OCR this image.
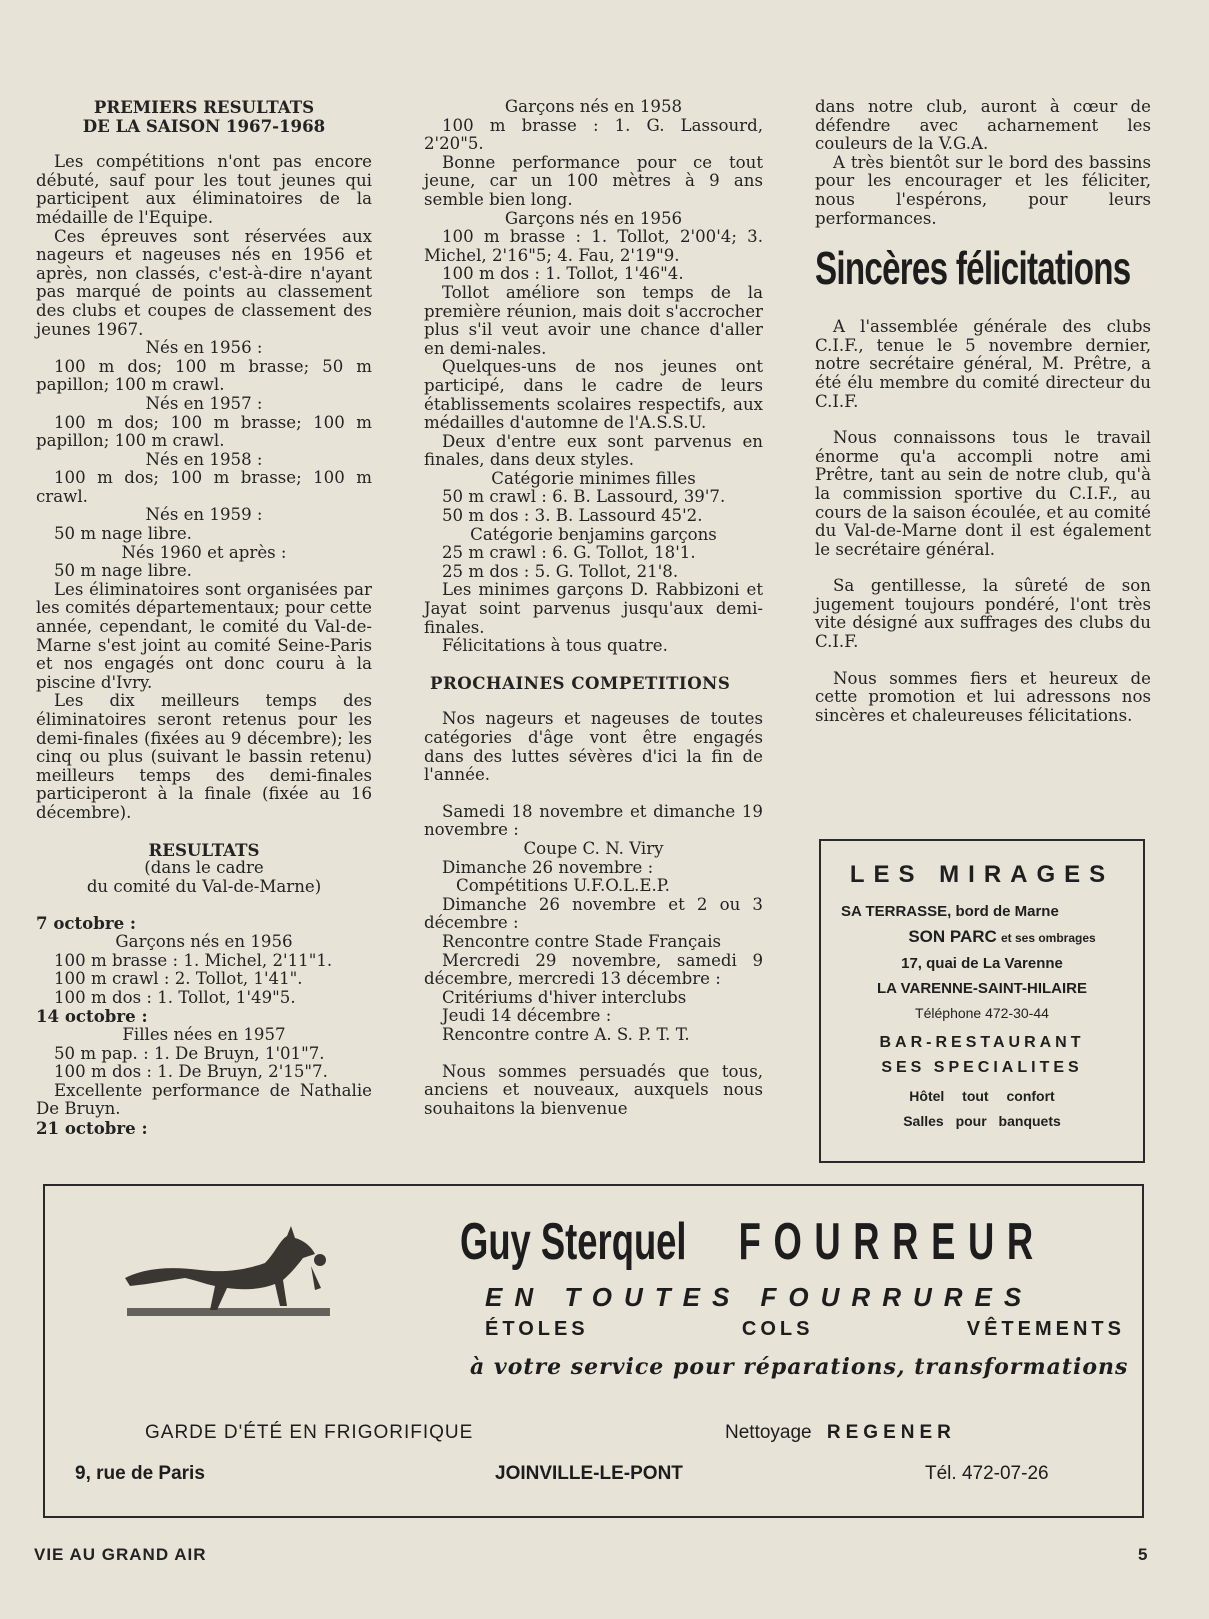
PREMIERS RESULTATS

DE LA SAISON 1967-1968

Les compétitions n'ont pas encore débuté, sauf pour les tout jeunes qui participent aux éliminatoires de la médaille de l'Equipe.

Ces épreuves sont réservées aux nageurs et nageuses nés en 1956 et après, non classés, c'est-à-dire n'ayant pas marqué de points au classement des clubs et coupes de classement des jeunes 1967.

Nés en 1956 :

100 m dos; 100 m brasse; 50 m papillon; 100 m crawl.

Nés en 1957 :

100 m dos; 100 m brasse; 100 m papillon; 100 m crawl.

Nés en 1958 :

100 m dos; 100 m brasse; 100 m crawl.

Nés en 1959 :

50 m nage libre.

Nés 1960 et après :

50 m nage libre.

Les éliminatoires sont organisées par les comités départementaux; pour cette année, cependant, le comité du Val-de-Marne s'est joint au comité Seine-Paris et nos engagés ont donc couru à la piscine d'Ivry.

Les dix meilleurs temps des éliminatoires seront retenus pour les demi-finales (fixées au 9 décembre); les cinq ou plus (suivant le bassin retenu) meilleurs temps des demi-finales participeront à la finale (fixée au 16 décembre).

RESULTATS

(dans le cadre

du comité du Val-de-Marne)

7 octobre :

Garçons nés en 1956

100 m brasse : 1. Michel, 2'11"1.

100 m crawl : 2. Tollot, 1'41".

100 m dos : 1. Tollot, 1'49"5.

14 octobre :

Filles nées en 1957

50 m pap. : 1. De Bruyn, 1'01"7.

100 m dos : 1. De Bruyn, 2'15"7.

Excellente performance de Nathalie De Bruyn.

21 octobre :

Garçons nés en 1958

100 m brasse : 1. G. Lassourd, 2'20"5.

Bonne performance pour ce tout jeune, car un 100 mètres à 9 ans semble bien long.

Garçons nés en 1956

100 m brasse : 1. Tollot, 2'00'4; 3. Michel, 2'16"5; 4. Fau, 2'19"9.

100 m dos : 1. Tollot, 1'46"4.

Tollot améliore son temps de la première réunion, mais doit s'accrocher plus s'il veut avoir une chance d'aller en demi-nales.

Quelques-uns de nos jeunes ont participé, dans le cadre de leurs établissements scolaires respectifs, aux médailles d'automne de l'A.S.S.U.

Deux d'entre eux sont parvenus en finales, dans deux styles.

Catégorie minimes filles

50 m crawl : 6. B. Lassourd, 39'7.

50 m dos : 3. B. Lassourd 45'2.

Catégorie benjamins garçons

25 m crawl : 6. G. Tollot, 18'1.

25 m dos : 5. G. Tollot, 21'8.

Les minimes garçons D. Rabbizoni et Jayat soint parvenus jusqu'aux demi-finales.

Félicitations à tous quatre.

PROCHAINES COMPETITIONS

Nos nageurs et nageuses de toutes catégories d'âge vont être engagés dans des luttes sévères d'ici la fin de l'année.

Samedi 18 novembre et dimanche 19 novembre :

Coupe C. N. Viry

Dimanche 26 novembre :

Compétitions U.F.O.L.E.P.

Dimanche 26 novembre et 2 ou 3 décembre :

Rencontre contre Stade Français

Mercredi 29 novembre, samedi 9 décembre, mercredi 13 décembre :

Critériums d'hiver interclubs

Jeudi 14 décembre :

Rencontre contre A. S. P. T. T.

Nous sommes persuadés que tous, anciens et nouveaux, auxquels nous souhaitons la bienvenue

dans notre club, auront à cœur de défendre avec acharnement les couleurs de la V.G.A.

A très bientôt sur le bord des bassins pour les encourager et les féliciter, nous l'espérons, pour leurs performances.

Sincères félicitations

A l'assemblée générale des clubs C.I.F., tenue le 5 novembre dernier, notre secrétaire général, M. Prêtre, a été élu membre du comité directeur du C.I.F.

Nous connaissons tous le travail énorme qu'a accompli notre ami Prêtre, tant au sein de notre club, qu'à la commission sportive du C.I.F., au cours de la saison écoulée, et au comité du Val-de-Marne dont il est également le secrétaire général.

Sa gentillesse, la sûreté de son jugement toujours pondéré, l'ont très vite désigné aux suffrages des clubs du C.I.F.

Nous sommes fiers et heureux de cette promotion et lui adressons nos sincères et chaleureuses félicitations.

LES MIRAGES
SA TERRASSE, bord de Marne
SON PARC et ses ombrages
17, quai de La Varenne
LA VARENNE-SAINT-HILAIRE
Téléphone 472-30-44
BAR-RESTAURANT
SES SPECIALITES
Hôtel tout confort
Salles pour banquets
Guy Sterquel FOURREUR
EN TOUTES FOURRURES
ÉTOLES	COLS	VÊTEMENTS
à votre service pour réparations, transformations
GARDE D'ÉTÉ EN FRIGORIFIQUE	Nettoyage REGENER
9, rue de Paris	JOINVILLE-LE-PONT	Tél. 472-07-26
VIE AU GRAND AIR	5
